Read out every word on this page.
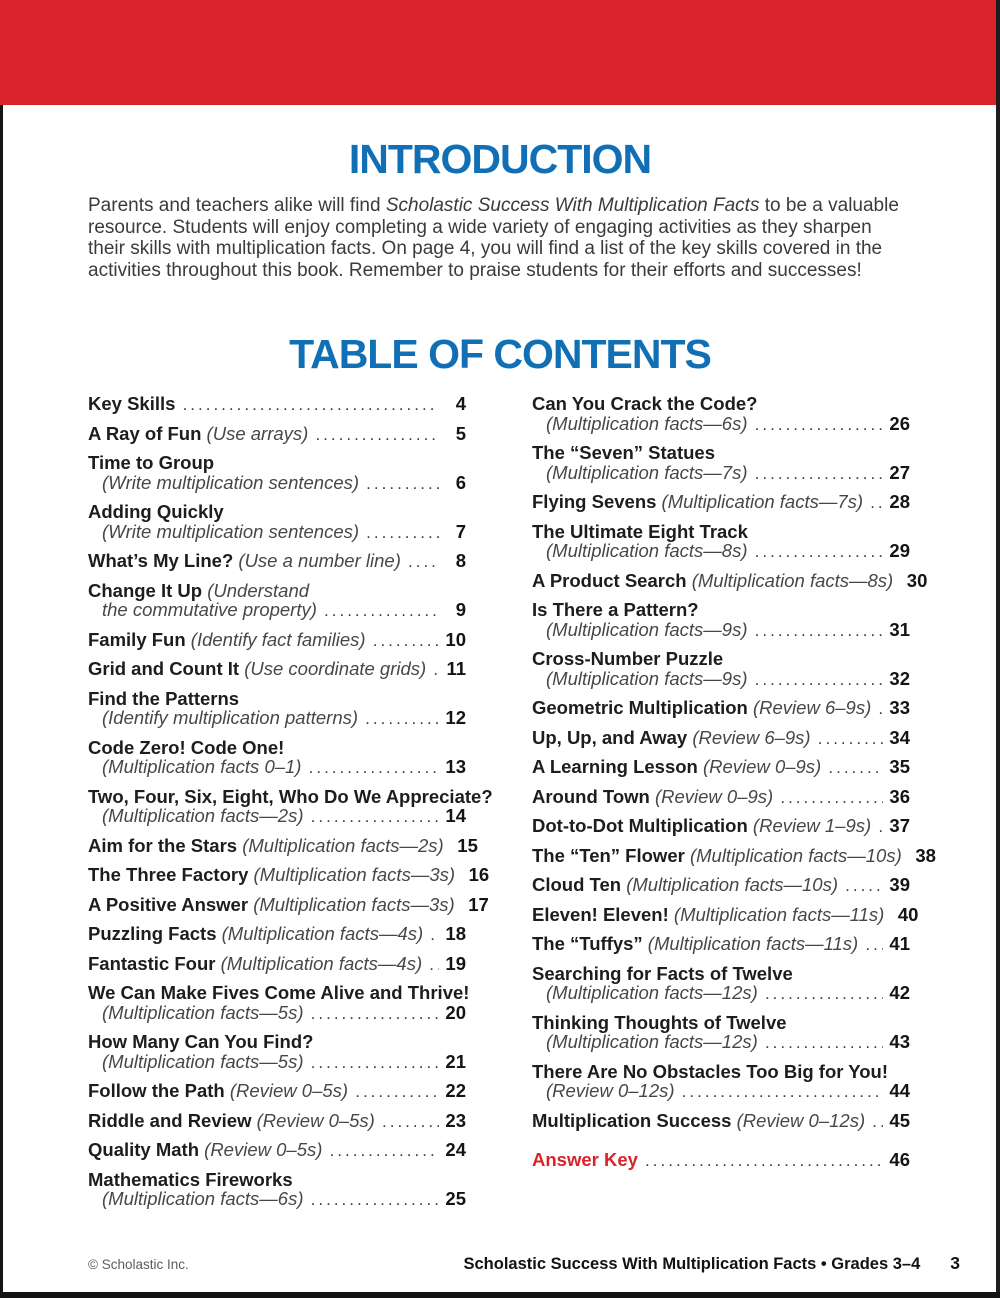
INTRODUCTION

Parents and teachers alike will find Scholastic Success With Multiplication Facts to be a valuable resource. Students will enjoy completing a wide variety of engaging activities as they sharpen their skills with multiplication facts. On page 4, you will find a list of the key skills covered in the activities throughout this book. Remember to praise students for their efforts and successes!

TABLE OF CONTENTS
Key Skills .....	4
A Ray of Fun (Use arrays) .....	5
Time to Group
(Write multiplication sentences) .....	6
Adding Quickly
(Write multiplication sentences) .....	7
What’s My Line? (Use a number line) .....	8
Change It Up (Understand
the commutative property) .....	9
Family Fun (Identify fact families) .....	10
Grid and Count It (Use coordinate grids) ..... 11
Find the Patterns
(Identify multiplication patterns) .....	12
Code Zero! Code One!
(Multiplication facts 0–1) .....	13
Two, Four, Six, Eight, Who Do We Appreciate?
(Multiplication facts—2s) .....	14
Aim for the Stars (Multiplication facts—2s) 15
The Three Factory (Multiplication facts—3s) 16
A Positive Answer (Multiplication facts—3s) 17
Puzzling Facts (Multiplication facts—4s) ..... 18
Fantastic Four (Multiplication facts—4s) ..... 19
We Can Make Fives Come Alive and Thrive!
(Multiplication facts—5s) .....	20
How Many Can You Find?
(Multiplication facts—5s) .....	21
Follow the Path (Review 0–5s) .....	22
Riddle and Review (Review 0–5s) .....	23
Quality Math (Review 0–5s) .....	24
Mathematics Fireworks
(Multiplication facts—6s) .....	25
Can You Crack the Code?
(Multiplication facts—6s) .....	26
The “Seven” Statues
(Multiplication facts—7s) .....	27
Flying Sevens (Multiplication facts—7s) ..... 28
The Ultimate Eight Track
(Multiplication facts—8s) .....	29
A Product Search (Multiplication facts—8s) 30
Is There a Pattern?
(Multiplication facts—9s) .....	31
Cross-Number Puzzle
(Multiplication facts—9s) .....	32
Geometric Multiplication (Review 6–9s) ..... 33
Up, Up, and Away (Review 6–9s) .....	34
A Learning Lesson (Review 0–9s) .....	35
Around Town (Review 0–9s) .....	36
Dot-to-Dot Multiplication (Review 1–9s) ..... 37
The “Ten” Flower (Multiplication facts—10s) 38
Cloud Ten (Multiplication facts—10s) .....	39
Eleven! Eleven! (Multiplication facts—11s) 40
The “Tuffys” (Multiplication facts—11s) ..... 41
Searching for Facts of Twelve
(Multiplication facts—12s) .....	42
Thinking Thoughts of Twelve
(Multiplication facts—12s) .....	43
There Are No Obstacles Too Big for You!
(Review 0–12s) .....	44
Multiplication Success (Review 0–12s) ..... 45
Answer Key .....	46
© Scholastic Inc.	Scholastic Success With Multiplication Facts • Grades 3–4 3
